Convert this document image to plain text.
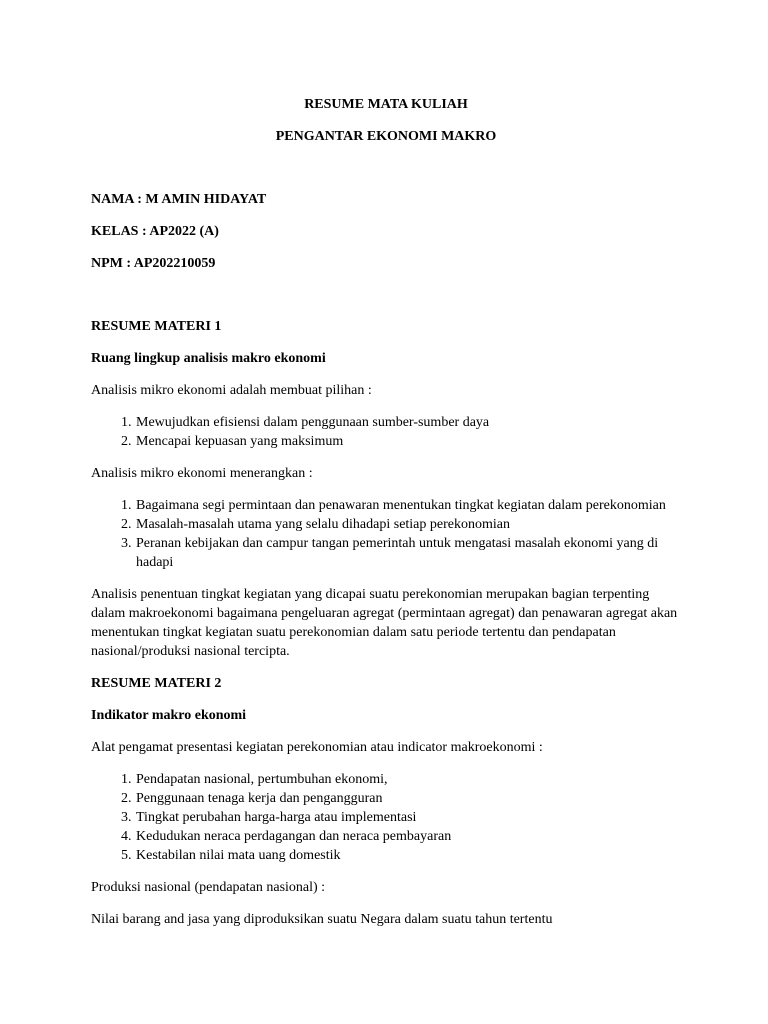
RESUME MATA KULIAH

PENGANTAR EKONOMI MAKRO

NAMA : M AMIN HIDAYAT

KELAS : AP2022 (A)

NPM : AP202210059

RESUME MATERI 1

Ruang lingkup analisis makro ekonomi

Analisis mikro ekonomi adalah membuat pilihan :

1. Mewujudkan efisiensi dalam penggunaan sumber-sumber daya
2. Mencapai kepuasan yang maksimum

Analisis mikro ekonomi menerangkan :

1. Bagaimana segi permintaan dan penawaran menentukan tingkat kegiatan dalam perekonomian
2. Masalah-masalah utama yang selalu dihadapi setiap perekonomian
3. Peranan kebijakan dan campur tangan pemerintah untuk mengatasi masalah ekonomi yang di hadapi

Analisis penentuan tingkat kegiatan yang dicapai suatu perekonomian merupakan bagian terpenting dalam makroekonomi bagaimana pengeluaran agregat (permintaan agregat) dan penawaran agregat akan menentukan tingkat kegiatan suatu perekonomian dalam satu periode tertentu dan pendapatan nasional/produksi nasional tercipta.

RESUME MATERI 2

Indikator makro ekonomi

Alat pengamat presentasi kegiatan perekonomian atau indicator makroekonomi :

1. Pendapatan nasional, pertumbuhan ekonomi,
2. Penggunaan tenaga kerja dan pengangguran
3. Tingkat perubahan harga-harga atau implementasi
4. Kedudukan neraca perdagangan dan neraca pembayaran
5. Kestabilan nilai mata uang domestik

Produksi nasional (pendapatan nasional) :

Nilai barang and jasa yang diproduksikan suatu Negara dalam suatu tahun tertentu
